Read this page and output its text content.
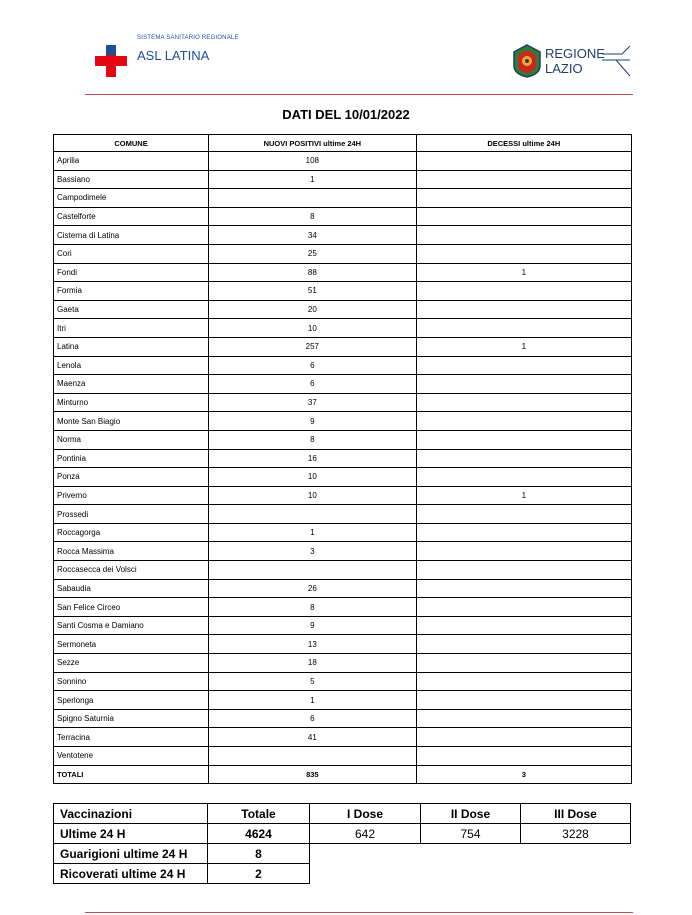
SISTEMA SANITARIO REGIONALE
ASL LATINA	REGIONE LAZIO
DATI DEL 10/01/2022
COMUNE	NUOVI POSITIVI ultime 24H	DECESSI ultime 24H
Aprilia	108	
Bassiano	1	
Campodimele		
Castelforte	8	
Cisterna di Latina	34	
Cori	25	
Fondi	88	1
Formia	51	
Gaeta	20	
Itri	10	
Latina	257	1
Lenola	6	
Maenza	6	
Minturno	37	
Monte San Biagio	9	
Norma	8	
Pontinia	16	
Ponza	10	
Priverno	10	1
Prossedi		
Roccagorga	1	
Rocca Massima	3	
Roccasecca dei Volsci		
Sabaudia	26	
San Felice Circeo	8	
Santi Cosma e Damiano	9	
Sermoneta	13	
Sezze	18	
Sonnino	5	
Sperlonga	1	
Spigno Saturnia	6	
Terracina	41	
Ventotene		
TOTALI	835	3
Vaccinazioni	Totale	I Dose	II Dose	III Dose
Ultime 24 H	4624	642	754	3228
Guarigioni ultime 24 H	8			
Ricoverati ultime 24 H	2			
